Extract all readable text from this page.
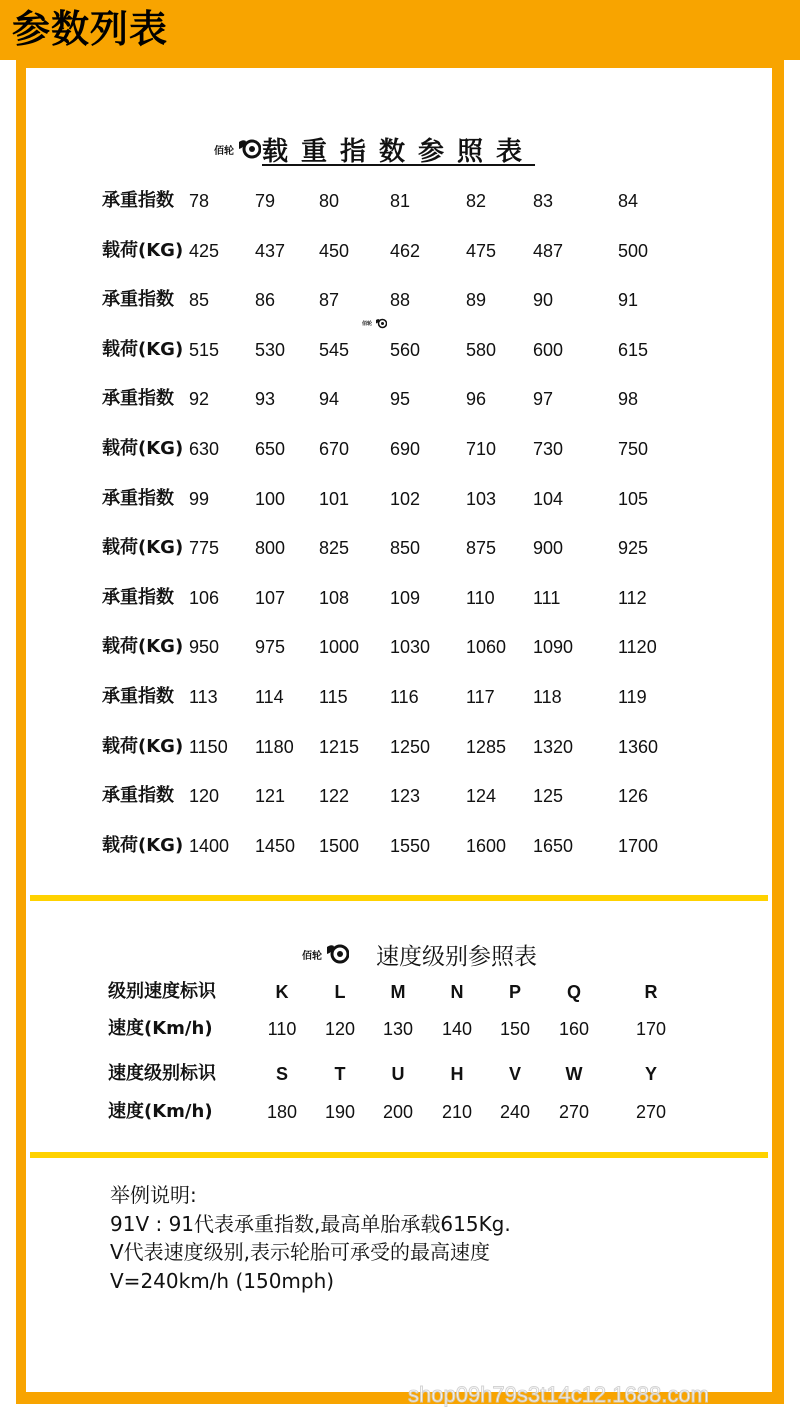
参数列表
佰轮 载重指数参照表
佰轮
承重指数 78	79 80	81	82	83	84
载荷(KG) 425 437 450 462	475 487	500
承重指数 85	86 87	88	89	90	91
载荷(KG) 515 530 545 560	580 600	615
承重指数 92	93 94	95	96	97	98
载荷(KG) 630 650 670 690	710 730	750
承重指数 99	100 101 102	103 104	105
载荷(KG) 775 800 825 850	875 900	925
承重指数 106 107 108 109	110 111	112
载荷(KG) 950 975 1000 1030 1060 1090 1120
承重指数 113 114 115 116	117 118	119
载荷(KG) 1150 1180 1215 1250 1285 1320 1360
承重指数 120 121 122 123	124 125	126
载荷(KG) 1400 1450 1500 1550 1600 1650 1700
佰轮 速度级别参照表
级别速度标识	K	L	M	N	P	Q	R
速度(Km/h)	110 120 130 140 150 160	170
速度级别标识	S	T	U	H	V W	Y
速度(Km/h)	180 190 200 210 240 270	270
举例说明:
91V : 91代表承重指数,最高单胎承载615Kg.
V代表速度级别,表示轮胎可承受的最高速度
V=240km/h (150mph)
shop09h79s3t14c12.1688.com
